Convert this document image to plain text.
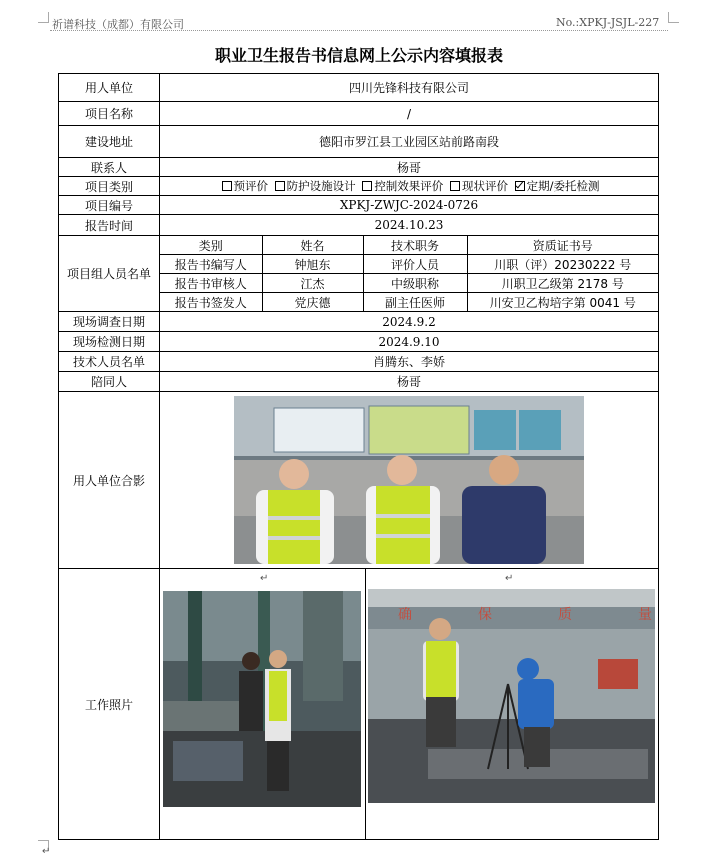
祈谱科技（成都）有限公司	No.:XPKJ-JSJL-227
职业卫生报告书信息网上公示内容填报表
用人单位	四川先锋科技有限公司
项目名称	/
建设地址	德阳市罗江县工业园区站前路南段
联系人	杨哥
项目类别	预评价 防护设施设计 控制效果评价 现状评价 定期/委托检测
项目编号	XPKJ-ZWJC-2024-0726
报告时间	2024.10.23
项目组人员名单	
类别	姓名	技术职务	资质证书号
报告书编写人	钟旭东	评价人员	川职（评）20230222 号
报告书审核人	江杰	中级职称	川职卫乙级第 2178 号
报告书签发人	党庆德	副主任医师	川安卫乙构培字第 0041 号

现场调查日期	2024.9.2
现场检测日期	2024.9.10
技术人员名单	肖腾东、李娇
陪同人	杨哥
用人单位合影	

工作照片	
确	保	质	量
↵	↵
↵
